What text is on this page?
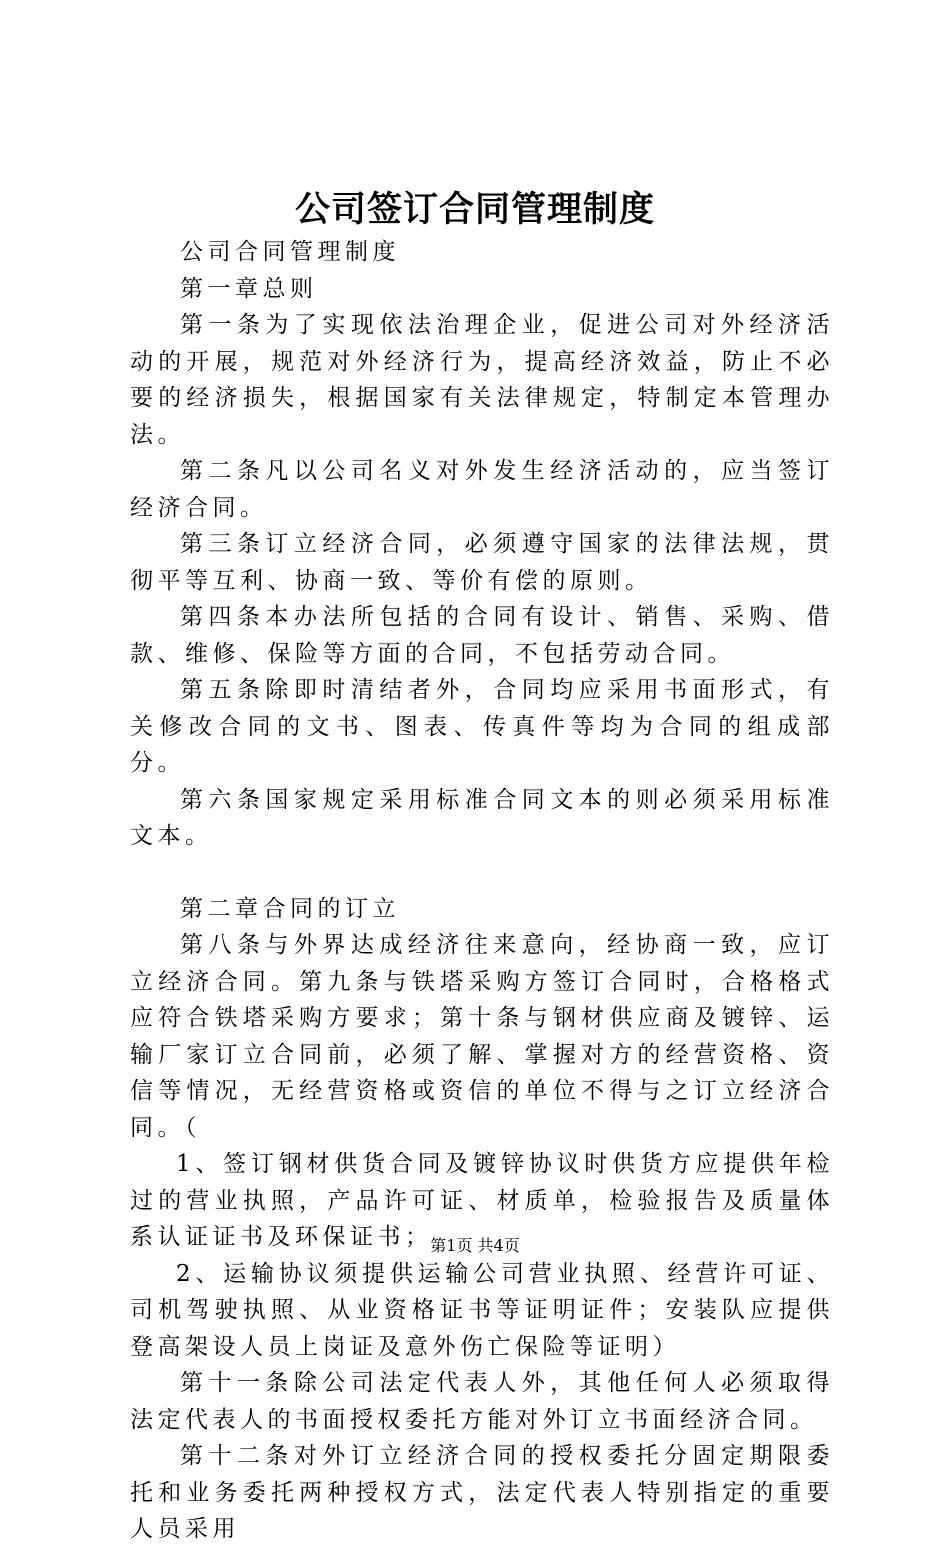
公司签订合同管理制度

公司合同管理制度

第一章总则

第一条为了实现依法治理企业，促进公司对外经济活动的开展，规范对外经济行为，提高经济效益，防止不必要的经济损失，根据国家有关法律规定，特制定本管理办法。

第二条凡以公司名义对外发生经济活动的，应当签订经济合同。

第三条订立经济合同，必须遵守国家的法律法规，贯彻平等互利、协商一致、等价有偿的原则。

第四条本办法所包括的合同有设计、销售、采购、借款、维修、保险等方面的合同，不包括劳动合同。

第五条除即时清结者外，合同均应采用书面形式，有关修改合同的文书、图表、传真件等均为合同的组成部分。

第六条国家规定采用标准合同文本的则必须采用标准文本。

第二章合同的订立

第八条与外界达成经济往来意向，经协商一致，应订立经济合同。第九条与铁塔采购方签订合同时，合格格式应符合铁塔采购方要求；第十条与钢材供应商及镀锌、运输厂家订立合同前，必须了解、掌握对方的经营资格、资信等情况，无经营资格或资信的单位不得与之订立经济合同。（

1、签订钢材供货合同及镀锌协议时供货方应提供年检过的营业执照，产品许可证、材质单，检验报告及质量体系认证证书及环保证书；

2、运输协议须提供运输公司营业执照、经营许可证、司机驾驶执照、从业资格证书等证明证件；安装队应提供登高架设人员上岗证及意外伤亡保险等证明）

第十一条除公司法定代表人外，其他任何人必须取得法定代表人的书面授权委托方能对外订立书面经济合同。

第十二条对外订立经济合同的授权委托分固定期限委托和业务委托两种授权方式，法定代表人特别指定的重要人员采用

第1页 共4页
